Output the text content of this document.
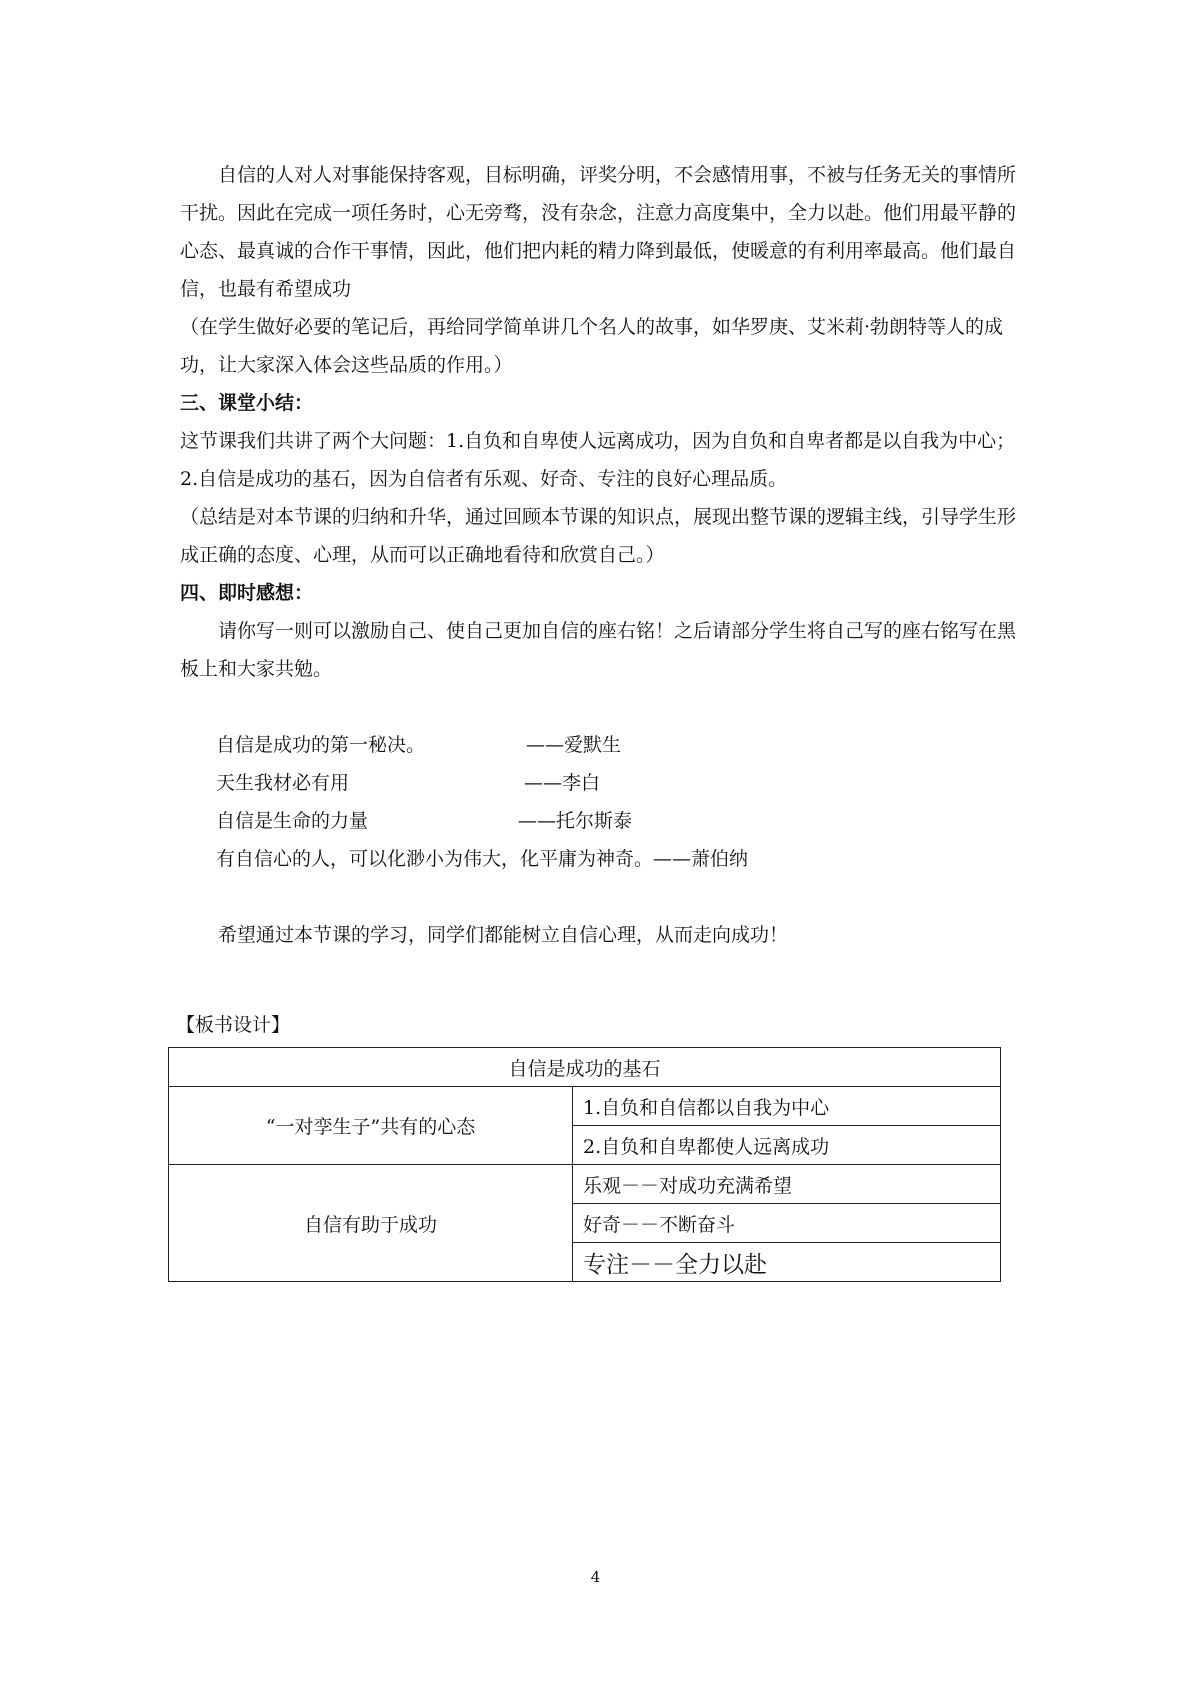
自信的人对人对事能保持客观，目标明确，评奖分明，不会感情用事，不被与任务无关的事情所干扰。因此在完成一项任务时，心无旁骛，没有杂念，注意力高度集中，全力以赴。他们用最平静的心态、最真诚的合作干事情，因此，他们把内耗的精力降到最低，使暖意的有利用率最高。他们最自信，也最有希望成功

（在学生做好必要的笔记后，再给同学简单讲几个名人的故事，如华罗庚、艾米莉·勃朗特等人的成功，让大家深入体会这些品质的作用。）

三、课堂小结：

这节课我们共讲了两个大问题：1.自负和自卑使人远离成功，因为自负和自卑者都是以自我为中心；2.自信是成功的基石，因为自信者有乐观、好奇、专注的良好心理品质。

（总结是对本节课的归纳和升华，通过回顾本节课的知识点，展现出整节课的逻辑主线，引导学生形成正确的态度、心理，从而可以正确地看待和欣赏自己。）

四、即时感想：

请你写一则可以激励自己、使自己更加自信的座右铭！之后请部分学生将自己写的座右铭写在黑板上和大家共勉。

自信是成功的第一秘决。	——爱默生
天生我材必有用	——李白
自信是生命的力量	——托尔斯泰
有自信心的人，可以化渺小为伟大，化平庸为神奇。 ——萧伯纳

希望通过本节课的学习，同学们都能树立自信心理，从而走向成功！

【板书设计】
自信是成功的基石	
“一对孪生子”共有的心态	1.自负和自信都以自我为中心
	2.自负和自卑都使人远离成功
自信有助于成功	乐观－－对成功充满希望
	好奇－－不断奋斗
	专注－－全力以赴
4
